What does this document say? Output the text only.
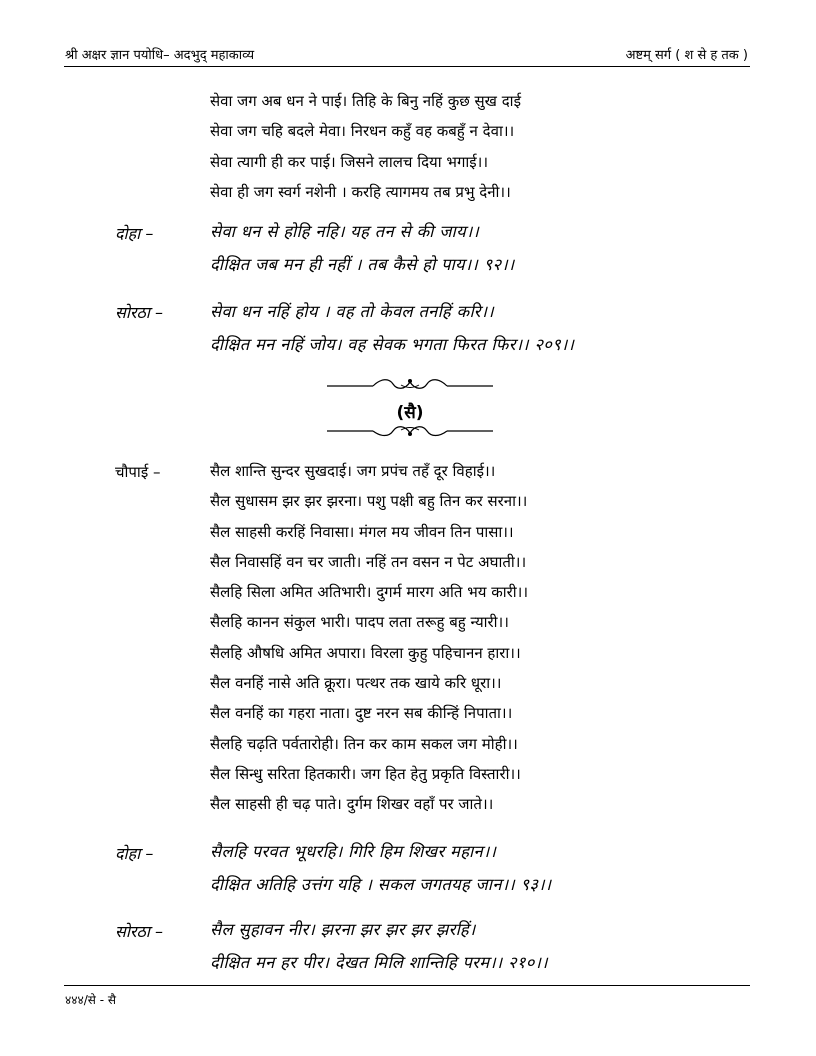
श्री अक्षर ज्ञान पयोधि– अदभुद् महाकाव्य	अष्टम् सर्ग ( श से ह तक )
सेवा जग अब धन ने पाई। तिहि के बिनु नहिं कुछ सुख दाई
सेवा जग चहि बदले मेवा। निरधन कहुँ वह कबहुँ न देवा।।
सेवा त्यागी ही कर पाई। जिसने लालच दिया भगाई।।
सेवा ही जग स्वर्ग नशेनी । करहि त्यागमय तब प्रभु देनी।।
दोहा –	सेवा धन से होहि नहि। यह तन से की जाय।।
दीक्षित जब मन ही नहीं । तब कैसे हो पाय।। ९२।।
सोरठा –	सेवा धन नहिं होय । वह तो केवल तनहिं करि।।
दीक्षित मन नहिं जोय। वह सेवक भगता फिरत फिर।। २०९।।
(सै)
चौपाई –	सैल शान्ति सुन्दर सुखदाई। जग प्रपंच तहँ दूर विहाई।।
सैल सुधासम झर झर झरना। पशु पक्षी बहु तिन कर सरना।।
सैल साहसी करहिं निवासा। मंगल मय जीवन तिन पासा।।
सैल निवासहिं वन चर जाती। नहिं तन वसन न पेट अघाती।।
सैलहि सिला अमित अतिभारी। दुगर्म मारग अति भय कारी।।
सैलहि कानन संकुल भारी। पादप लता तरूहु बहु न्यारी।।
सैलहि औषधि अमित अपारा। विरला कुहु पहिचानन हारा।।
सैल वनहिं नासे अति क्रूरा। पत्थर तक खाये करि धूरा।।
सैल वनहिं का गहरा नाता। दुष्ट नरन सब कीन्हिं निपाता।।
सैलहि चढ़ति पर्वतारोही। तिन कर काम सकल जग मोही।।
सैल सिन्धु सरिता हितकारी। जग हित हेतु प्रकृति विस्तारी।।
सैल साहसी ही चढ़ पाते। दुर्गम शिखर वहाँ पर जाते।।
दोहा –	सैलहि परवत भूधरहि। गिरि हिम शिखर महान।।
दीक्षित अतिहि उत्तंग यहि । सकल जगतयह जान।। ९३।।
सोरठा –	सैल सुहावन नीर। झरना झर झर झर झरहिं।
दीक्षित मन हर पीर। देखत मिलि शान्तिहि परम।। २१०।।
४४४/से - सै
